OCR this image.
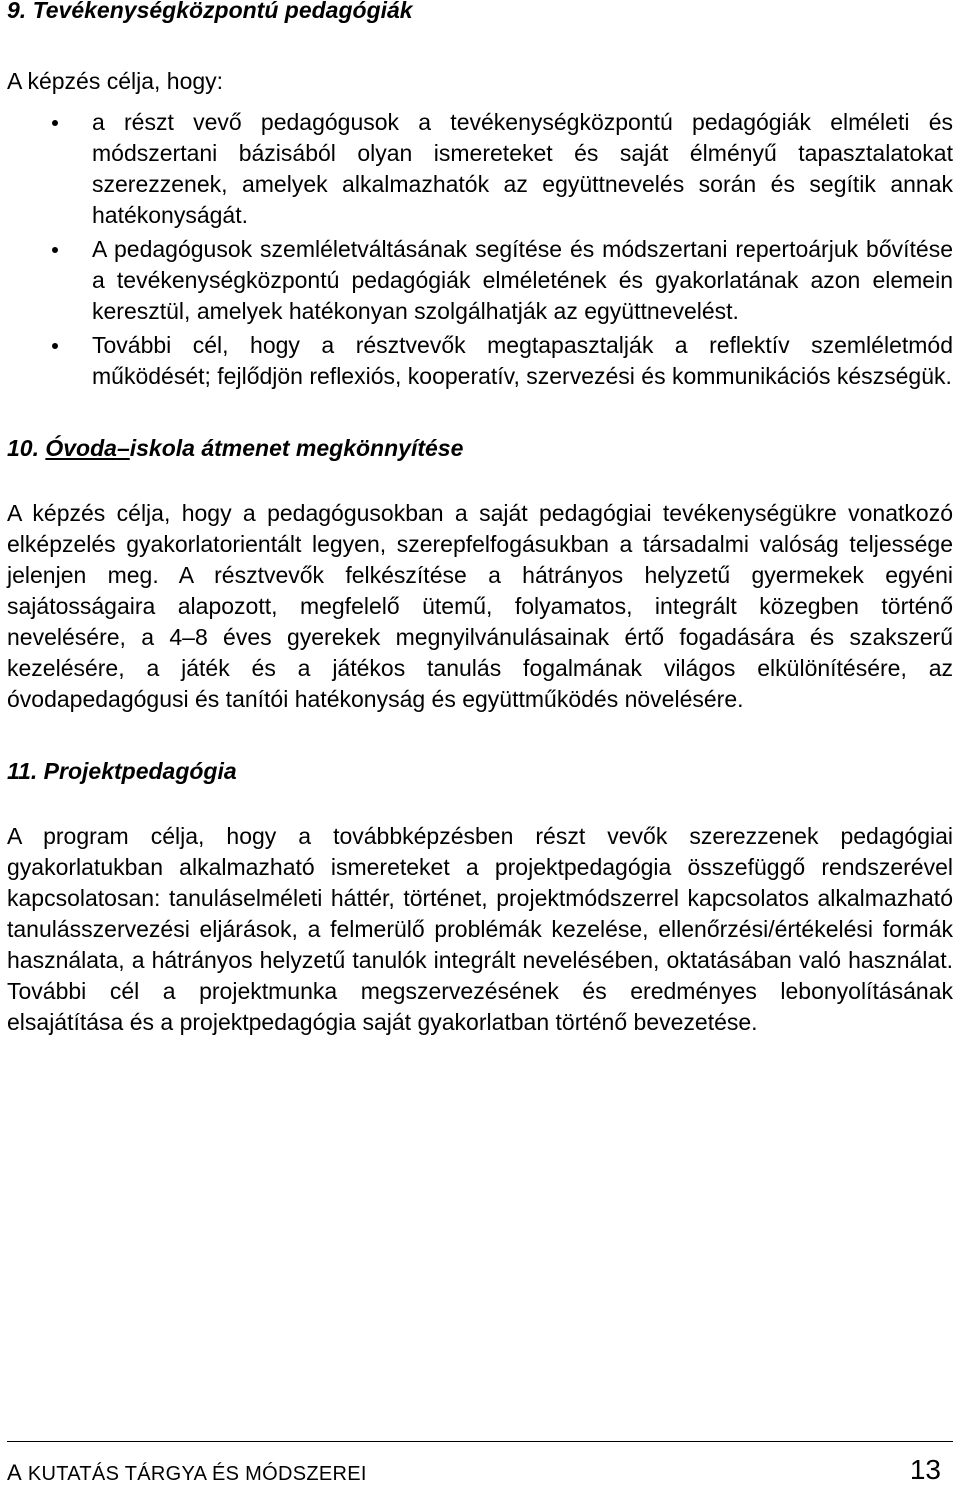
9. Tevékenységközpontú pedagógiák

A képzés célja, hogy:

a részt vevő pedagógusok a tevékenységközpontú pedagógiák elméleti és módszertani bázisából olyan ismereteket és saját élményű tapasztalatokat szerezzenek, amelyek alkalmazhatók az együttnevelés során és segítik annak hatékonyságát.
A pedagógusok szemléletváltásának segítése és módszertani repertoárjuk bővítése a tevékenységközpontú pedagógiák elméletének és gyakorlatának azon elemein keresztül, amelyek hatékonyan szolgálhatják az együttnevelést.
További cél, hogy a résztvevők megtapasztalják a reflektív szemléletmód működését; fejlődjön reflexiós, kooperatív, szervezési és kommunikációs készségük.
10. Óvoda–iskola átmenet megkönnyítése

A képzés célja, hogy a pedagógusokban a saját pedagógiai tevékenységükre vonatkozó elképzelés gyakorlatorientált legyen, szerepfelfogásukban a társadalmi valóság teljessége jelenjen meg. A résztvevők felkészítése a hátrányos helyzetű gyermekek egyéni sajátosságaira alapozott, megfelelő ütemű, folyamatos, integrált közegben történő nevelésére, a 4–8 éves gyerekek megnyilvánulásainak értő fogadására és szakszerű kezelésére, a játék és a játékos tanulás fogalmának világos elkülönítésére, az óvodapedagógusi és tanítói hatékonyság és együttműködés növelésére.

11. Projektpedagógia

A program célja, hogy a továbbképzésben részt vevők szerezzenek pedagógiai gyakorlatukban alkalmazható ismereteket a projektpedagógia összefüggő rendszerével kapcsolatosan: tanuláselméleti háttér, történet, projektmódszerrel kapcsolatos alkalmazható tanulásszervezési eljárások, a felmerülő problémák kezelése, ellenőrzési/értékelési formák használata, a hátrányos helyzetű tanulók integrált nevelésében, oktatásában való használat. További cél a projektmunka megszervezésének és eredményes lebonyolításának elsajátítása és a projektpedagógia saját gyakorlatban történő bevezetése.

A KUTATÁS TÁRGYA ÉS MÓDSZEREI	13
